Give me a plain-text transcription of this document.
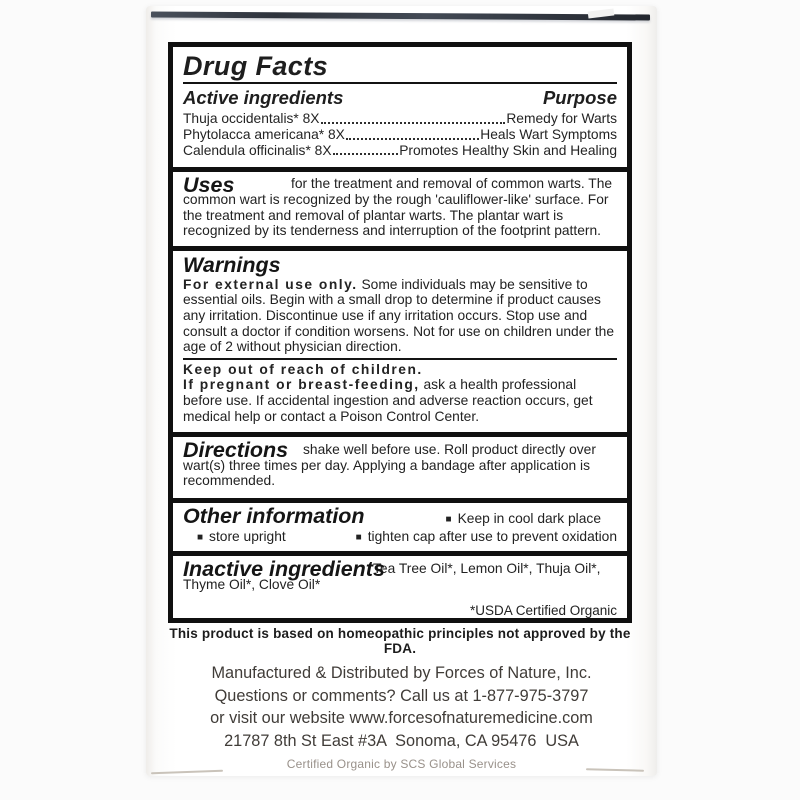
Drug Facts
Active ingredients	Purpose
Thuja occidentalis* 8X	Remedy for Warts
Phytolacca americana* 8X	Heals Wart Symptoms
Calendula officinalis* 8X	Promotes Healthy Skin and Healing
Uses	for the treatment and removal of common warts. The common wart is recognized by the rough 'cauliflower-like' surface. For the treatment and removal of plantar warts. The plantar wart is recognized by its tenderness and interruption of the footprint pattern.

Warnings

For external use only. Some individuals may be sensitive to essential oils. Begin with a small drop to determine if product causes any irritation. Discontinue use if any irritation occurs. Stop use and consult a doctor if condition worsens. Not for use on children under the age of 2 without physician direction.

Keep out of reach of children.

If pregnant or breast-feeding, ask a health professional before use. If accidental ingestion and adverse reaction occurs, get medical help or contact a Poison Control Center.

Directions	shake well before use. Roll product directly over wart(s) three times per day. Applying a bandage after application is recommended.

Other information	■ Keep in cool dark place
■ store upright	■ tighten cap after use to prevent oxidation
Inactive ingredients

Tea Tree Oil*, Lemon Oil*, Thuja Oil*, Thyme Oil*, Clove Oil*

*USDA Certified Organic

This product is based on homeopathic principles not approved by the FDA.

Manufactured & Distributed by Forces of Nature, Inc.

Questions or comments? Call us at 1-877-975-3797

or visit our website www.forcesofnaturemedicine.com

21787 8th St East #3A  Sonoma, CA 95476  USA

Certified Organic by SCS Global Services
